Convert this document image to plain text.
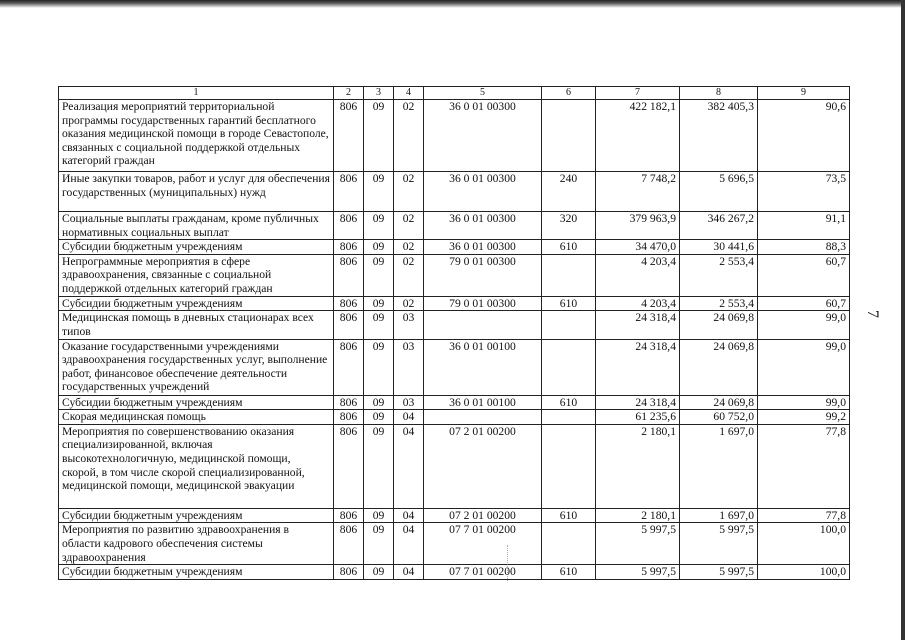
1	2	3	4	5	6	7	8	9
Реализация мероприятий территориальной программы государственных гарантий бесплатного оказания медицинской помощи в городе Севастополе, связанных с социальной поддержкой отдельных категорий граждан	806	09	02	36 0 01 00300		422 182,1	382 405,3	90,6
Иные закупки товаров, работ и услуг для обеспечения государственных (муниципальных) нужд	806	09	02	36 0 01 00300	240	7 748,2	5 696,5	73,5
Социальные выплаты гражданам, кроме публичных нормативных социальных выплат	806	09	02	36 0 01 00300	320	379 963,9	346 267,2	91,1
Субсидии бюджетным учреждениям	806	09	02	36 0 01 00300	610	34 470,0	30 441,6	88,3
Непрограммные мероприятия в сфере здравоохранения, связанные с социальной поддержкой отдельных категорий граждан	806	09	02	79 0 01 00300		4 203,4	2 553,4	60,7
Субсидии бюджетным учреждениям	806	09	02	79 0 01 00300	610	4 203,4	2 553,4	60,7
Медицинская помощь в дневных стационарах всех типов	806	09	03			24 318,4	24 069,8	99,0
Оказание государственными учреждениями здравоохранения государственных услуг, выполнение работ, финансовое обеспечение деятельности государственных учреждений	806	09	03	36 0 01 00100		24 318,4	24 069,8	99,0
Субсидии бюджетным учреждениям	806	09	03	36 0 01 00100	610	24 318,4	24 069,8	99,0
Скорая медицинская помощь	806	09	04			61 235,6	60 752,0	99,2
Мероприятия по совершенствованию оказания специализированной, включая высокотехнологичную, медицинской помощи, скорой, в том числе скорой специализированной, медицинской помощи, медицинской эвакуации	806	09	04	07 2 01 00200		2 180,1	1 697,0	77,8
Субсидии бюджетным учреждениям	806	09	04	07 2 01 00200	610	2 180,1	1 697,0	77,8
Мероприятия по развитию здравоохранения в области кадрового обеспечения системы здравоохранения	806	09	04	07 7 01 00200		5 997,5	5 997,5	100,0
Субсидии бюджетным учреждениям	806	09	04	07 7 01 00200	610	5 997,5	5 997,5	100,0
7
